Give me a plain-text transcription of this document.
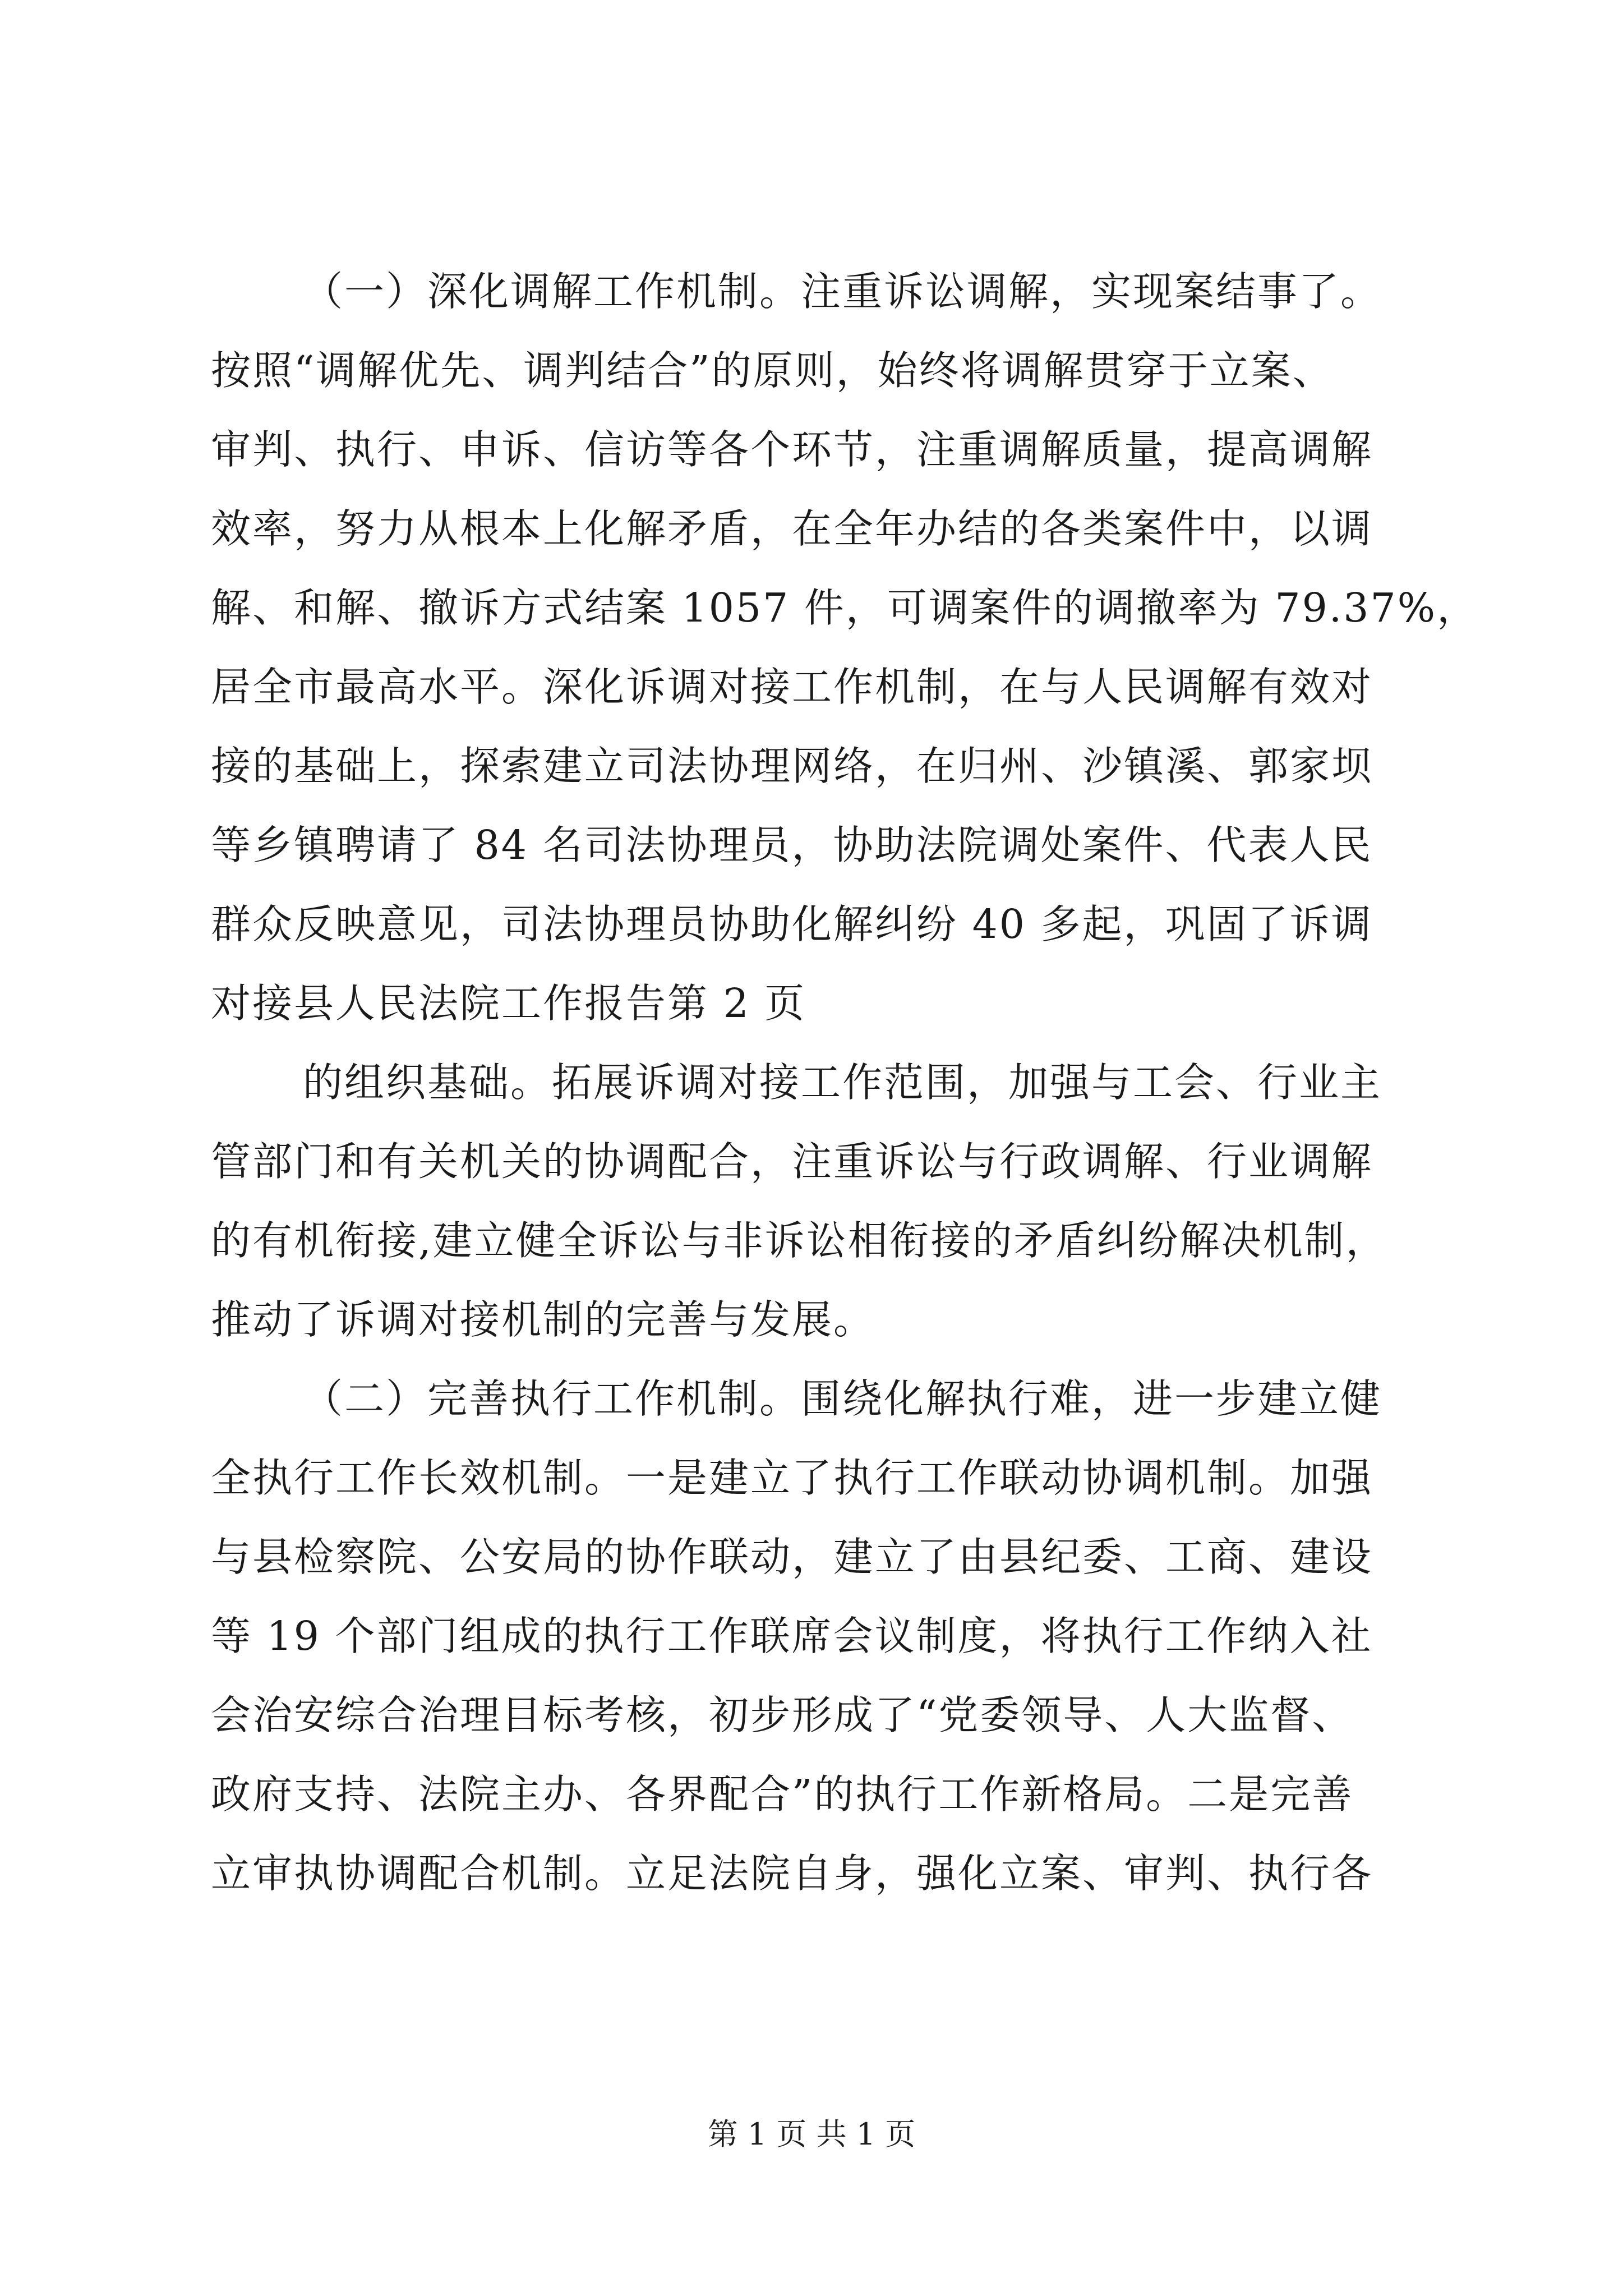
（一）深化调解工作机制。注重诉讼调解，实现案结事了。
按照“调解优先、调判结合”的原则，始终将调解贯穿于立案、
审判、执行、申诉、信访等各个环节，注重调解质量，提高调解
效率，努力从根本上化解矛盾，在全年办结的各类案件中，以调
解、和解、撤诉方式结案 1057 件，可调案件的调撤率为 79.37%，
居全市最高水平。深化诉调对接工作机制，在与人民调解有效对
接的基础上，探索建立司法协理网络，在归州、沙镇溪、郭家坝
等乡镇聘请了 84 名司法协理员，协助法院调处案件、代表人民
群众反映意见，司法协理员协助化解纠纷 40 多起，巩固了诉调
对接县人民法院工作报告第 2 页
的组织基础。拓展诉调对接工作范围，加强与工会、行业主
管部门和有关机关的协调配合，注重诉讼与行政调解、行业调解
的有机衔接,建立健全诉讼与非诉讼相衔接的矛盾纠纷解决机制，
推动了诉调对接机制的完善与发展。
（二）完善执行工作机制。围绕化解执行难，进一步建立健
全执行工作长效机制。一是建立了执行工作联动协调机制。加强
与县检察院、公安局的协作联动，建立了由县纪委、工商、建设
等 19 个部门组成的执行工作联席会议制度，将执行工作纳入社
会治安综合治理目标考核，初步形成了“党委领导、人大监督、
政府支持、法院主办、各界配合”的执行工作新格局。二是完善
立审执协调配合机制。立足法院自身，强化立案、审判、执行各
第 1 页 共 1 页
